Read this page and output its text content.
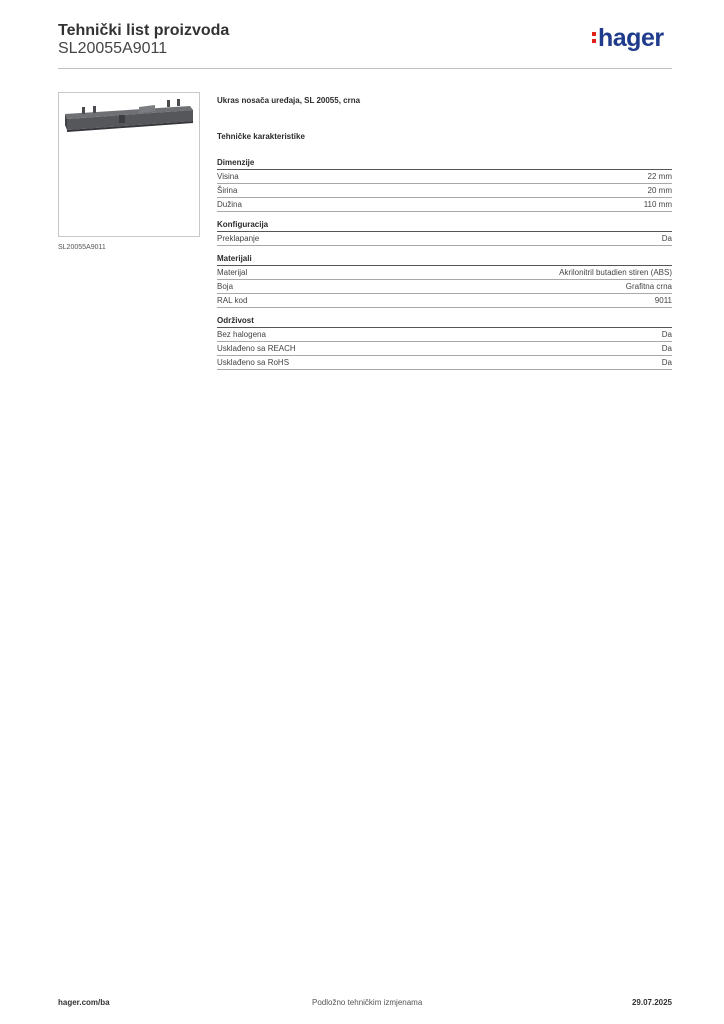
Tehnički list proizvoda
SL20055A9011	hager
SL20055A9011
Ukras nosača uređaja, SL 20055, crna
Tehničke karakteristike
Dimenzije
Visina	22 mm
Širina	20 mm
Dužina	110 mm
Konfiguracija
Preklapanje	Da
Materijali
Materijal	Akrilonitril butadien stiren (ABS)
Boja	Grafitna crna
RAL kod	9011
Održivost
Bez halogena	Da
Usklađeno sa REACH	Da
Usklađeno sa RoHS	Da
hager.com/ba	Podložno tehničkim izmjenama	29.07.2025
